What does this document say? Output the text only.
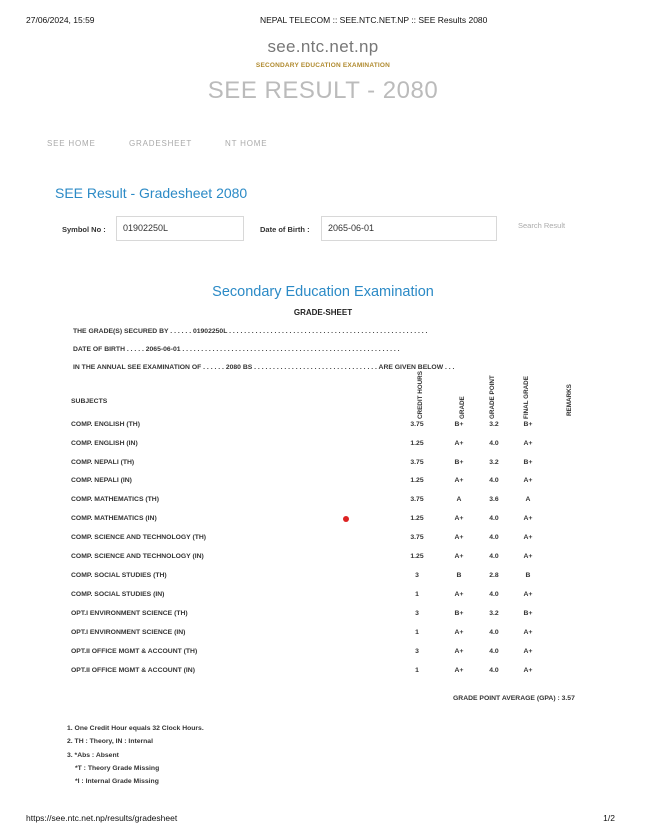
27/06/2024, 15:59	NEPAL TELECOM :: SEE.NTC.NET.NP :: SEE Results 2080
see.ntc.net.np
SECONDARY EDUCATION EXAMINATION
SEE RESULT - 2080
SEE HOME	GRADESHEET	NT HOME
SEE Result - Gradesheet 2080
Symbol No :	01902250L	Date of Birth :	2065-06-01	Search Result
Secondary Education Examination
GRADE-SHEET
THE GRADE(S) SECURED BY . . . . . . 01902250L . . . . . . . . . . . . . . . . . . . . . . . . . . . . . . . . . . . . . . . . . . . . . . . . . . . . .
DATE OF BIRTH . . . . . 2065-06-01 . . . . . . . . . . . . . . . . . . . . . . . . . . . . . . . . . . . . . . . . . . . . . . . . . . . . . . . . . .
IN THE ANNUAL SEE EXAMINATION OF . . . . . . 2080 BS . . . . . . . . . . . . . . . . . . . . . . . . . . . . . . . . . ARE GIVEN BELOW . . .
SUBJECTS	CREDIT HOURS	GRADE	GRADE POINT	FINAL GRADE	REMARKS
COMP. ENGLISH (TH)	3.75	B+	3.2	B+
COMP. ENGLISH (IN)	1.25	A+	4.0	A+
COMP. NEPALI (TH)	3.75	B+	3.2	B+
COMP. NEPALI (IN)	1.25	A+	4.0	A+
COMP. MATHEMATICS (TH)	3.75	A	3.6	A
COMP. MATHEMATICS (IN)	1.25	A+	4.0	A+
COMP. SCIENCE AND TECHNOLOGY (TH)	3.75	A+	4.0	A+
COMP. SCIENCE AND TECHNOLOGY (IN)	1.25	A+	4.0	A+
COMP. SOCIAL STUDIES (TH)	3	B	2.8	B
COMP. SOCIAL STUDIES (IN)	1	A+	4.0	A+
OPT.I ENVIRONMENT SCIENCE (TH)	3	B+	3.2	B+
OPT.I ENVIRONMENT SCIENCE (IN)	1	A+	4.0	A+
OPT.II OFFICE MGMT & ACCOUNT (TH)	3	A+	4.0	A+
OPT.II OFFICE MGMT & ACCOUNT (IN)	1	A+	4.0	A+
GRADE POINT AVERAGE (GPA) : 3.57
1. One Credit Hour equals 32 Clock Hours.
2. TH : Theory, IN : Internal
3. *Abs : Absent
*T : Theory Grade Missing
*I : Internal Grade Missing
https://see.ntc.net.np/results/gradesheet	1/2
